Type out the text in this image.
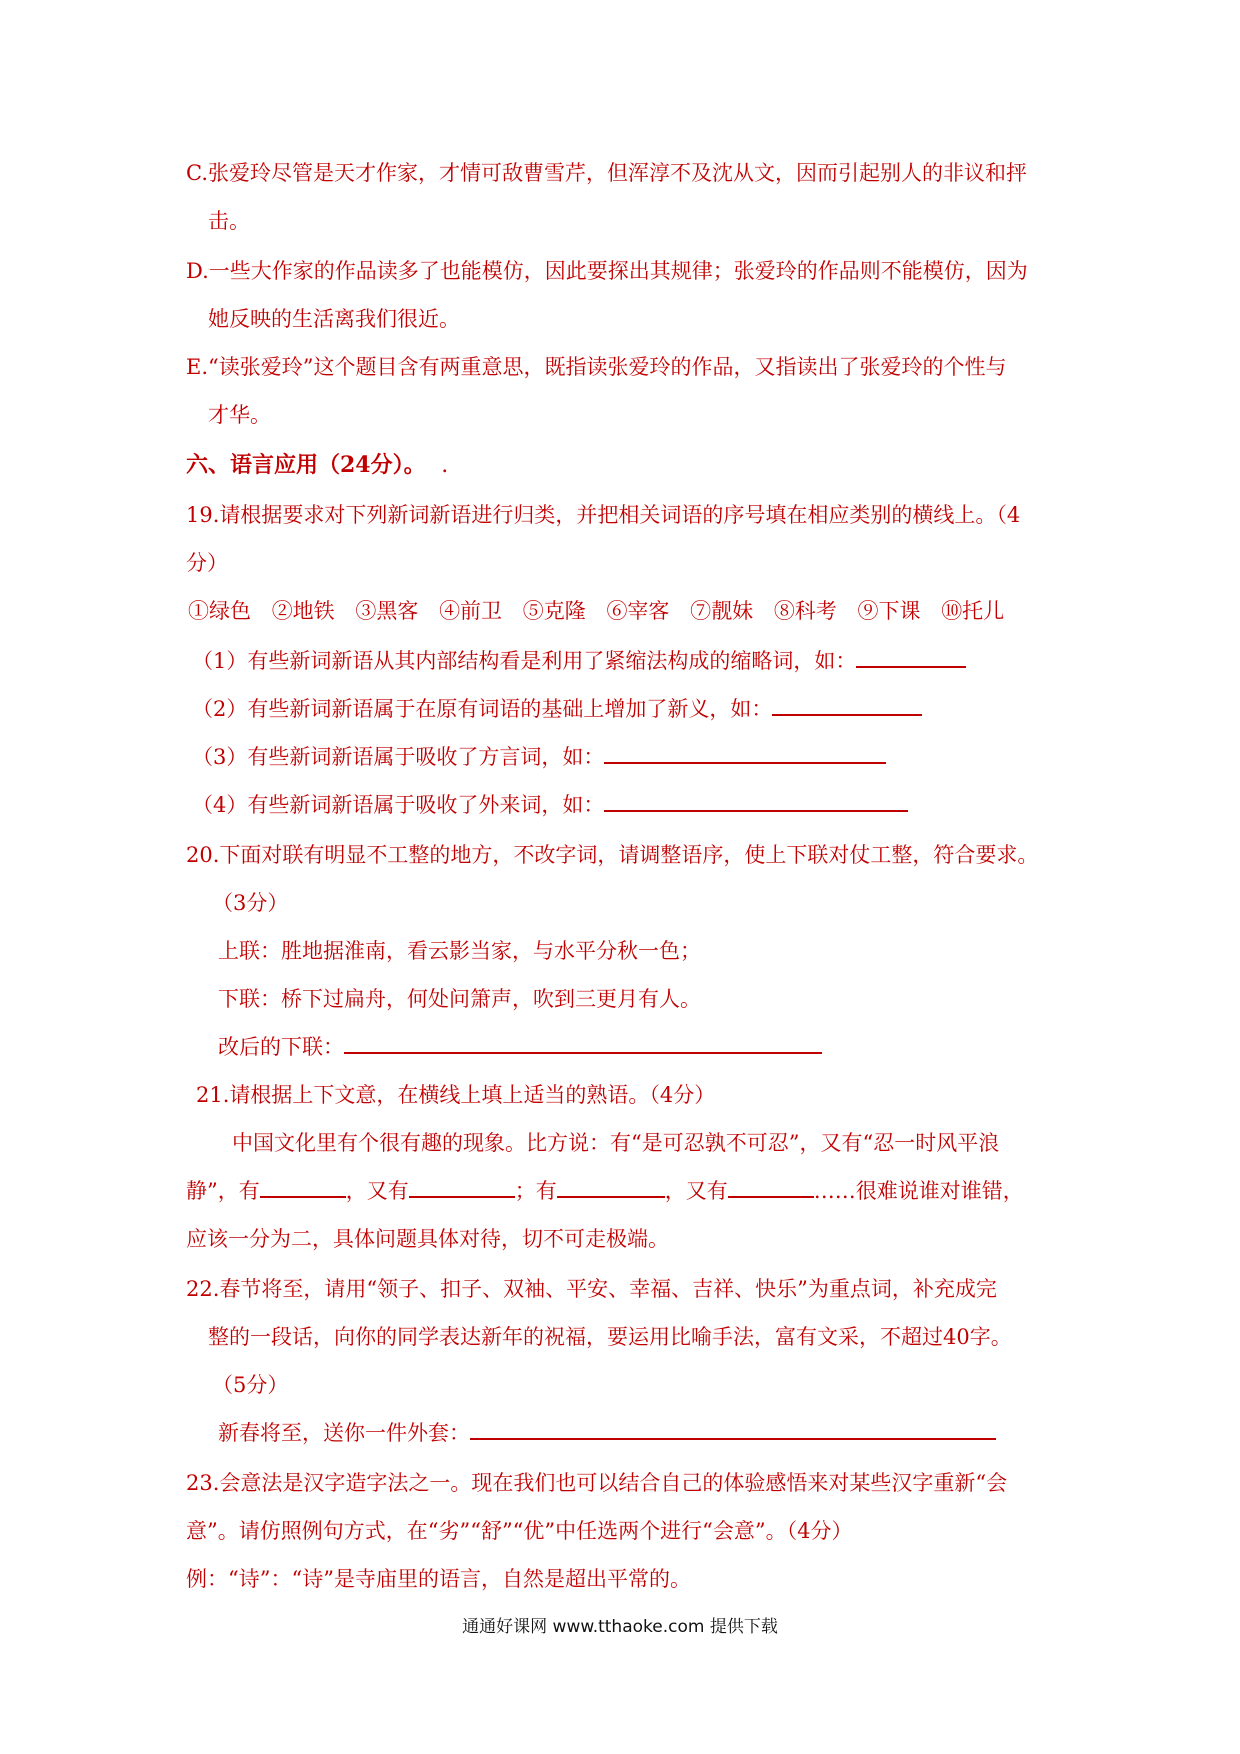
C.张爱玲尽管是天才作家，才情可敌曹雪芹，但浑淳不及沈从文，因而引起别人的非议和抨
击。
D.一些大作家的作品读多了也能模仿，因此要探出其规律；张爱玲的作品则不能模仿，因为
她反映的生活离我们很近。
E.“读张爱玲”这个题目含有两重意思，既指读张爱玲的作品，又指读出了张爱玲的个性与
才华。
六、语言应用（24分）。 .
19.请根据要求对下列新词新语进行归类，并把相关词语的序号填在相应类别的横线上。（4
分）
①绿色 ②地铁 ③黑客 ④前卫 ⑤克隆 ⑥宰客 ⑦靓妹 ⑧科考 ⑨下课 ⑩托儿
（1）有些新词新语从其内部结构看是利用了紧缩法构成的缩略词，如：
（2）有些新词新语属于在原有词语的基础上增加了新义，如：
（3）有些新词新语属于吸收了方言词，如：
（4）有些新词新语属于吸收了外来词，如：
20.下面对联有明显不工整的地方，不改字词，请调整语序，使上下联对仗工整，符合要求。
（3分）
上联：胜地据淮南，看云影当家，与水平分秋一色；
下联：桥下过扁舟，何处问箫声，吹到三更月有人。
改后的下联：
21.请根据上下文意，在横线上填上适当的熟语。（4分）
中国文化里有个很有趣的现象。比方说：有“是可忍孰不可忍”，又有“忍一时风平浪
静”，有	，又有	；有	，又有	……很难说谁对谁错，
应该一分为二，具体问题具体对待，切不可走极端。
22.春节将至，请用“领子、扣子、双袖、平安、幸福、吉祥、快乐”为重点词，补充成完
整的一段话，向你的同学表达新年的祝福，要运用比喻手法，富有文采，不超过40字。
（5分）
新春将至，送你一件外套：
23.会意法是汉字造字法之一。现在我们也可以结合自己的体验感悟来对某些汉字重新“会
意”。请仿照例句方式，在“劣”“舒”“优”中任选两个进行“会意”。（4分）
例：“诗”：“诗”是寺庙里的语言，自然是超出平常的。
通通好课网 www.tthaoke.com 提供下载
